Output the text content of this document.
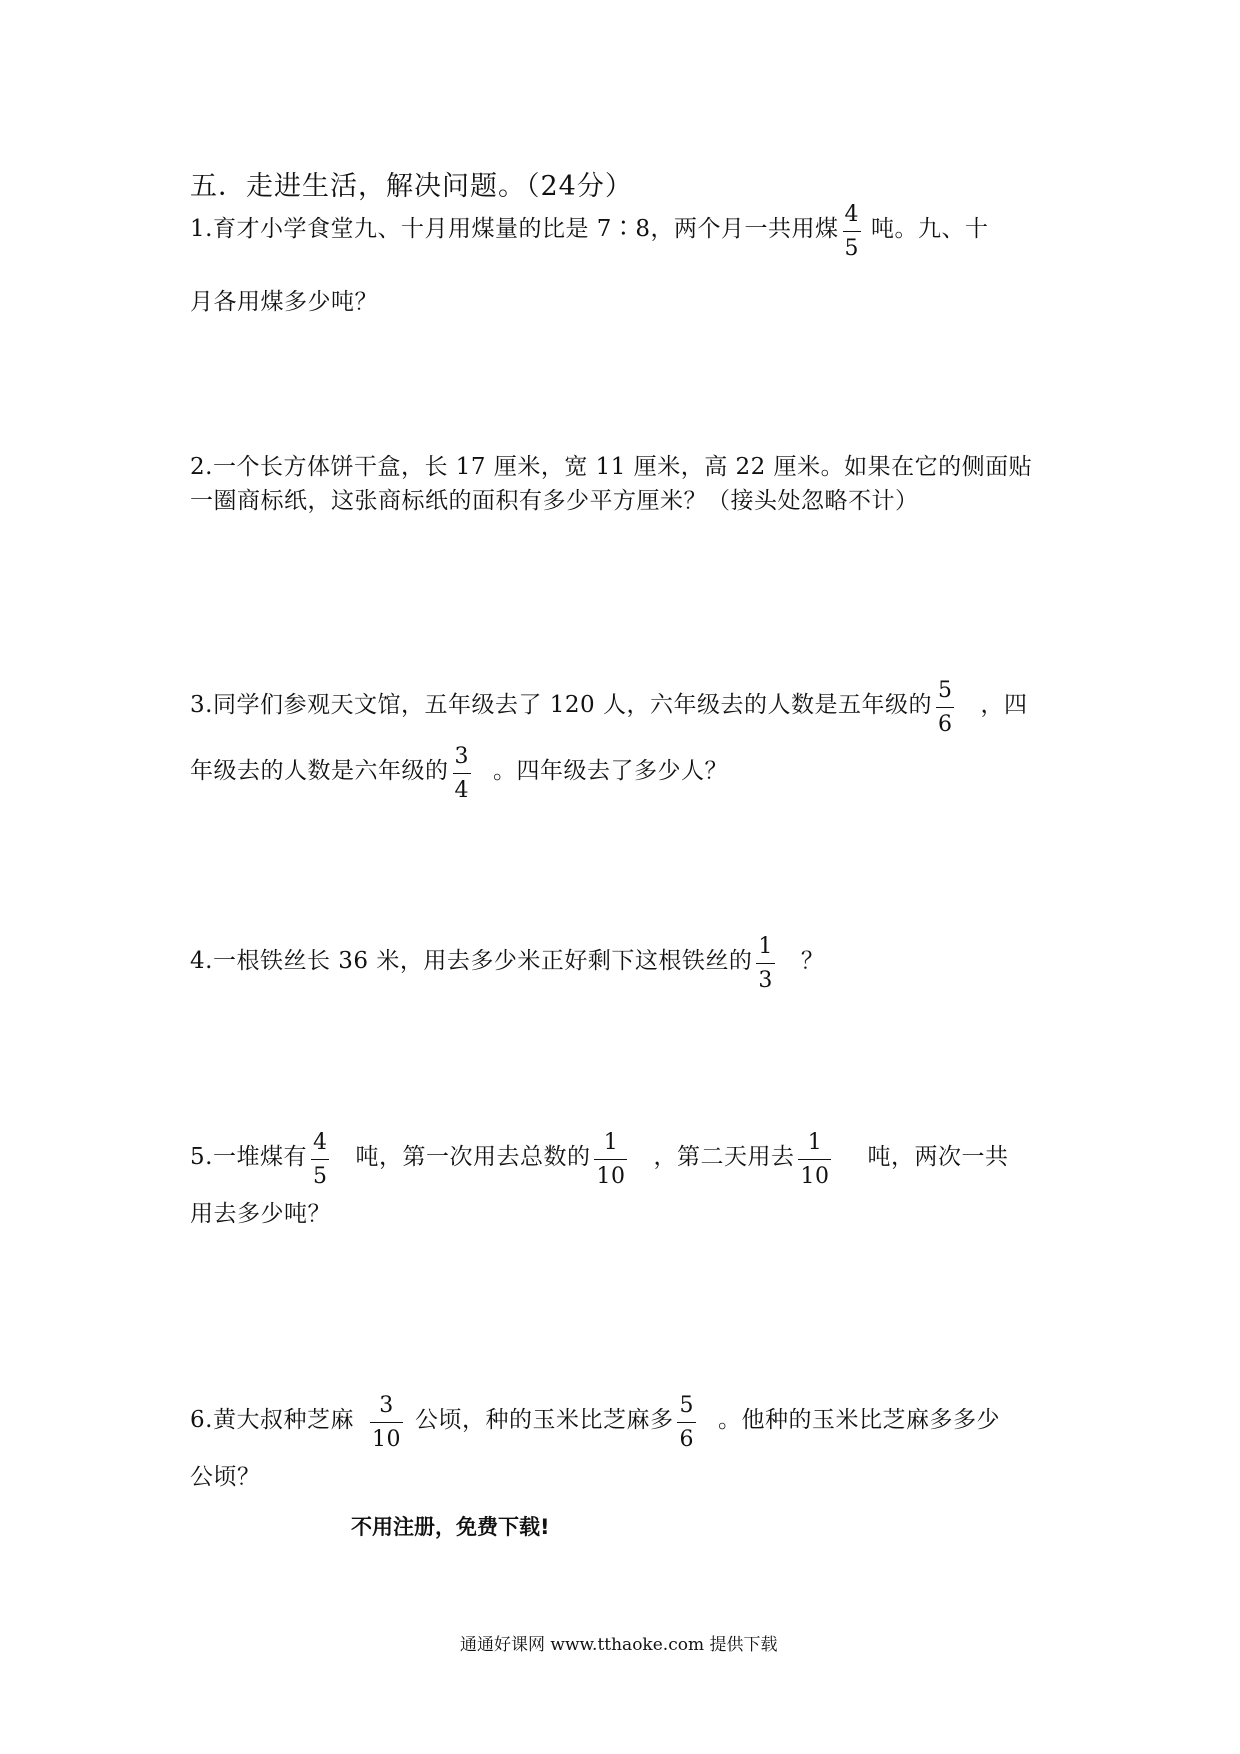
五．走进生活，解决问题。（24分）
1.育才小学食堂九、十月用煤量的比是 7∶8，两个月一共用煤 $\frac{4}{5}$ 吨。九、十
月各用煤多少吨？
2.一个长方体饼干盒，长 17 厘米，宽 11 厘米，高 22 厘米。如果在它的侧面贴
一圈商标纸，这张商标纸的面积有多少平方厘米？（接头处忽略不计）
3.同学们参观天文馆，五年级去了 120 人，六年级去的人数是五年级的 $\frac{5}{6}$ ，四
年级去的人数是六年级的 $\frac{3}{4}$ 。四年级去了多少人？
4.一根铁丝长 36 米，用去多少米正好剩下这根铁丝的 $\frac{1}{3}$ ？
5.一堆煤有 $\frac{4}{5}$ 吨，第一次用去总数的 $\frac{1}{10}$ ，第二天用去 $\frac{1}{10}$ 吨，两次一共
用去多少吨？
6.黄大叔种芝麻 $\frac{3}{10}$ 公顷，种的玉米比芝麻多 $\frac{5}{6}$ 。他种的玉米比芝麻多多少
公顷？
不用注册，免费下载!
通通好课网 www.tthaoke.com 提供下载
